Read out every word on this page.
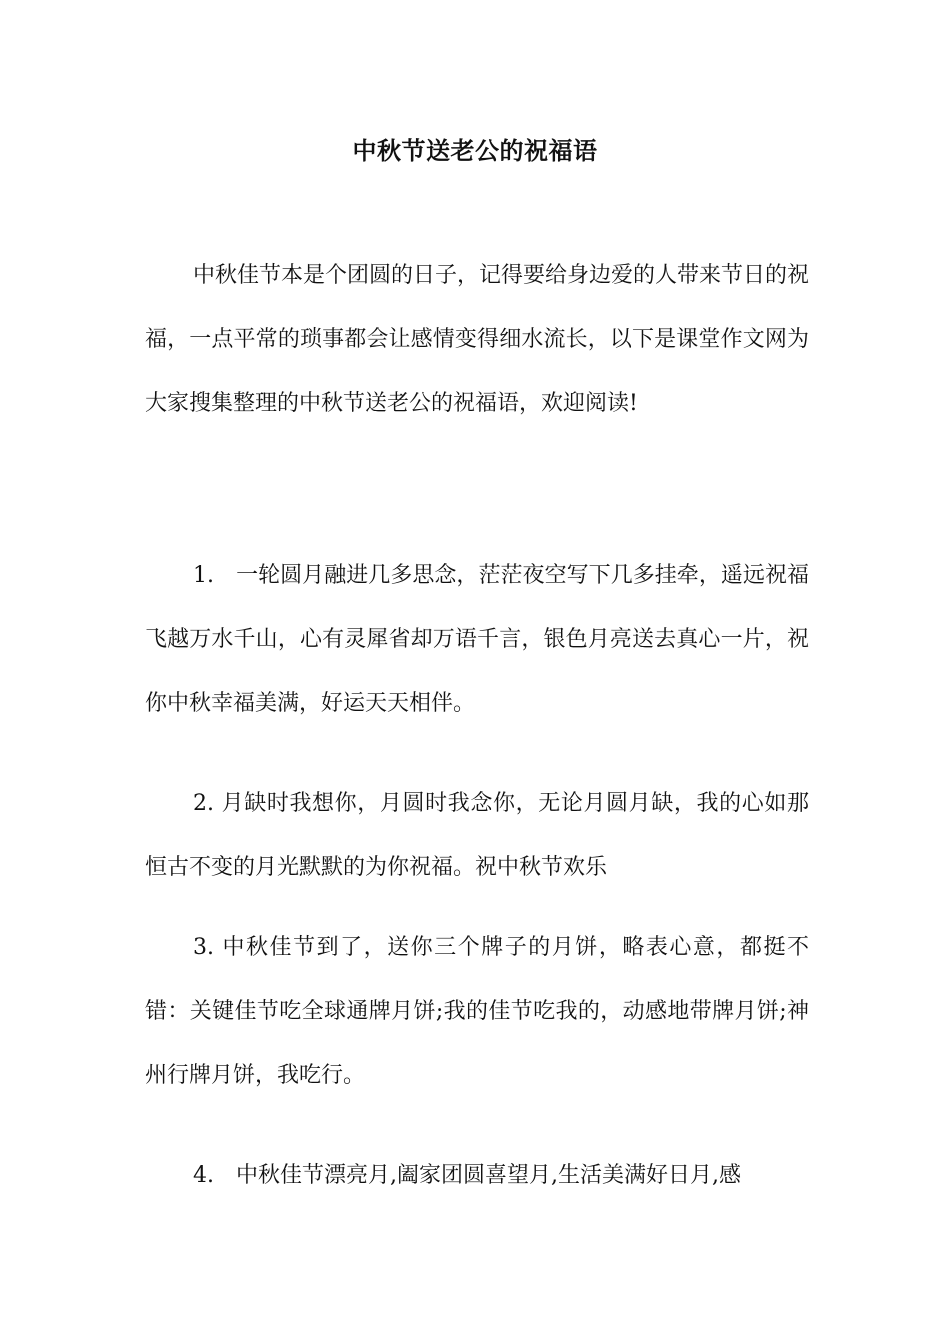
中秋节送老公的祝福语

中秋佳节本是个团圆的日子，记得要给身边爱的人带来节日的祝福，一点平常的琐事都会让感情变得细水流长，以下是课堂作文网为大家搜集整理的中秋节送老公的祝福语，欢迎阅读!

1.　一轮圆月融进几多思念，茫茫夜空写下几多挂牵，遥远祝福飞越万水千山，心有灵犀省却万语千言，银色月亮送去真心一片，祝你中秋幸福美满，好运天天相伴。

2. 月缺时我想你，月圆时我念你，无论月圆月缺，我的心如那恒古不变的月光默默的为你祝福。祝中秋节欢乐

3. 中秋佳节到了，送你三个牌子的月饼，略表心意，都挺不错：关键佳节吃全球通牌月饼;我的佳节吃我的，动感地带牌月饼;神州行牌月饼，我吃行。

4.　中秋佳节漂亮月,阖家团圆喜望月,生活美满好日月,感
